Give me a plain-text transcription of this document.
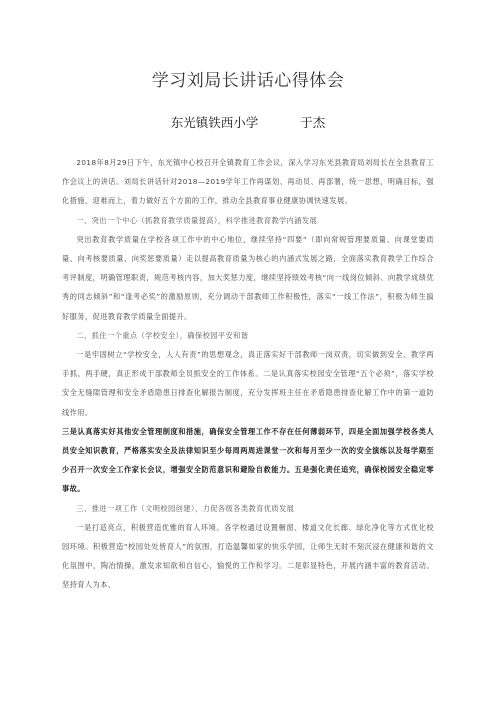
学习刘局长讲话心得体会
东光镇铁西小学	于杰

2018年8月29日下午，东光镇中心校召开全镇教育工作会议，深入学习东光县教育局刘局长在全县教育工作会议上的讲话。刘局长讲话针对2018—2019学年工作再谋划、再动员、再部署，统一思想，明确目标，强化措施，迎难而上，着力做好五个方面的工作，推动全县教育事业健康协调快速发展。

一、突出一个中心（抓教育教学质量提高），科学推进教育教学内涵发展

突出教育教学质量在学校各项工作中的中心地位，继续坚持“四要”（即向常规管理要质量、向课堂要质量、向考核要质量、向奖惩要质量）走以提高教育质量为核心的内涵式发展之路，全面落实教育教学工作综合考评制度，明确管理职责，规范考核内容，加大奖惩力度，继续坚持绩效考核“向一线岗位倾斜、向教学成绩优秀的同志倾斜”和“逢考必奖”的激励原则，充分调动干部教师工作积极性，落实“一线工作法”，积极为师生搞好服务，促进教育教学质量全面提升。

二、抓住一个重点（学校安全），确保校园平安和谐

一是牢固树立“学校安全，人人有责”的思想观念，真正落实好干部教师一岗双责，切实做到安全、教学两手抓、两手硬，真正形成干部教师全员抓安全的工作体系。二是认真落实校园安全管理“五个必须”，落实学校安全无缝隙管理和安全矛盾隐患日排查化解报告制度，充分发挥班主任在矛盾隐患排查化解工作中的第一道防线作用。

三是认真落实好其他安全管理制度和措施，确保安全管理工作不存在任何薄弱环节，四是全面加强学校各类人员安全知识教育，严格落实安全及法律知识至少每周两周进课堂一次和每月至少一次的安全演练以及每学期至少召开一次安全工作家长会议，增强安全防范意识和避险自救能力。五是强化责任追究，确保校园安全稳定零事故。

三、推进一项工作（文明校园创建），力促各级各类教育优质发展

一是打造亮点，积极营造优雅的育人环境。各学校通过设置橱窗、楼道文化长廊、绿化净化等方式优化校园环境。积极营造“校园处处皆育人”的氛围，打造温馨如家的快乐学园，让师生无时不刻沉浸在健康和谐的文化氛围中，陶冶情操，激发求知欲和自信心，愉悦的工作和学习。二是彰显特色，开展内涵丰富的教育活动。坚持育人为本、
